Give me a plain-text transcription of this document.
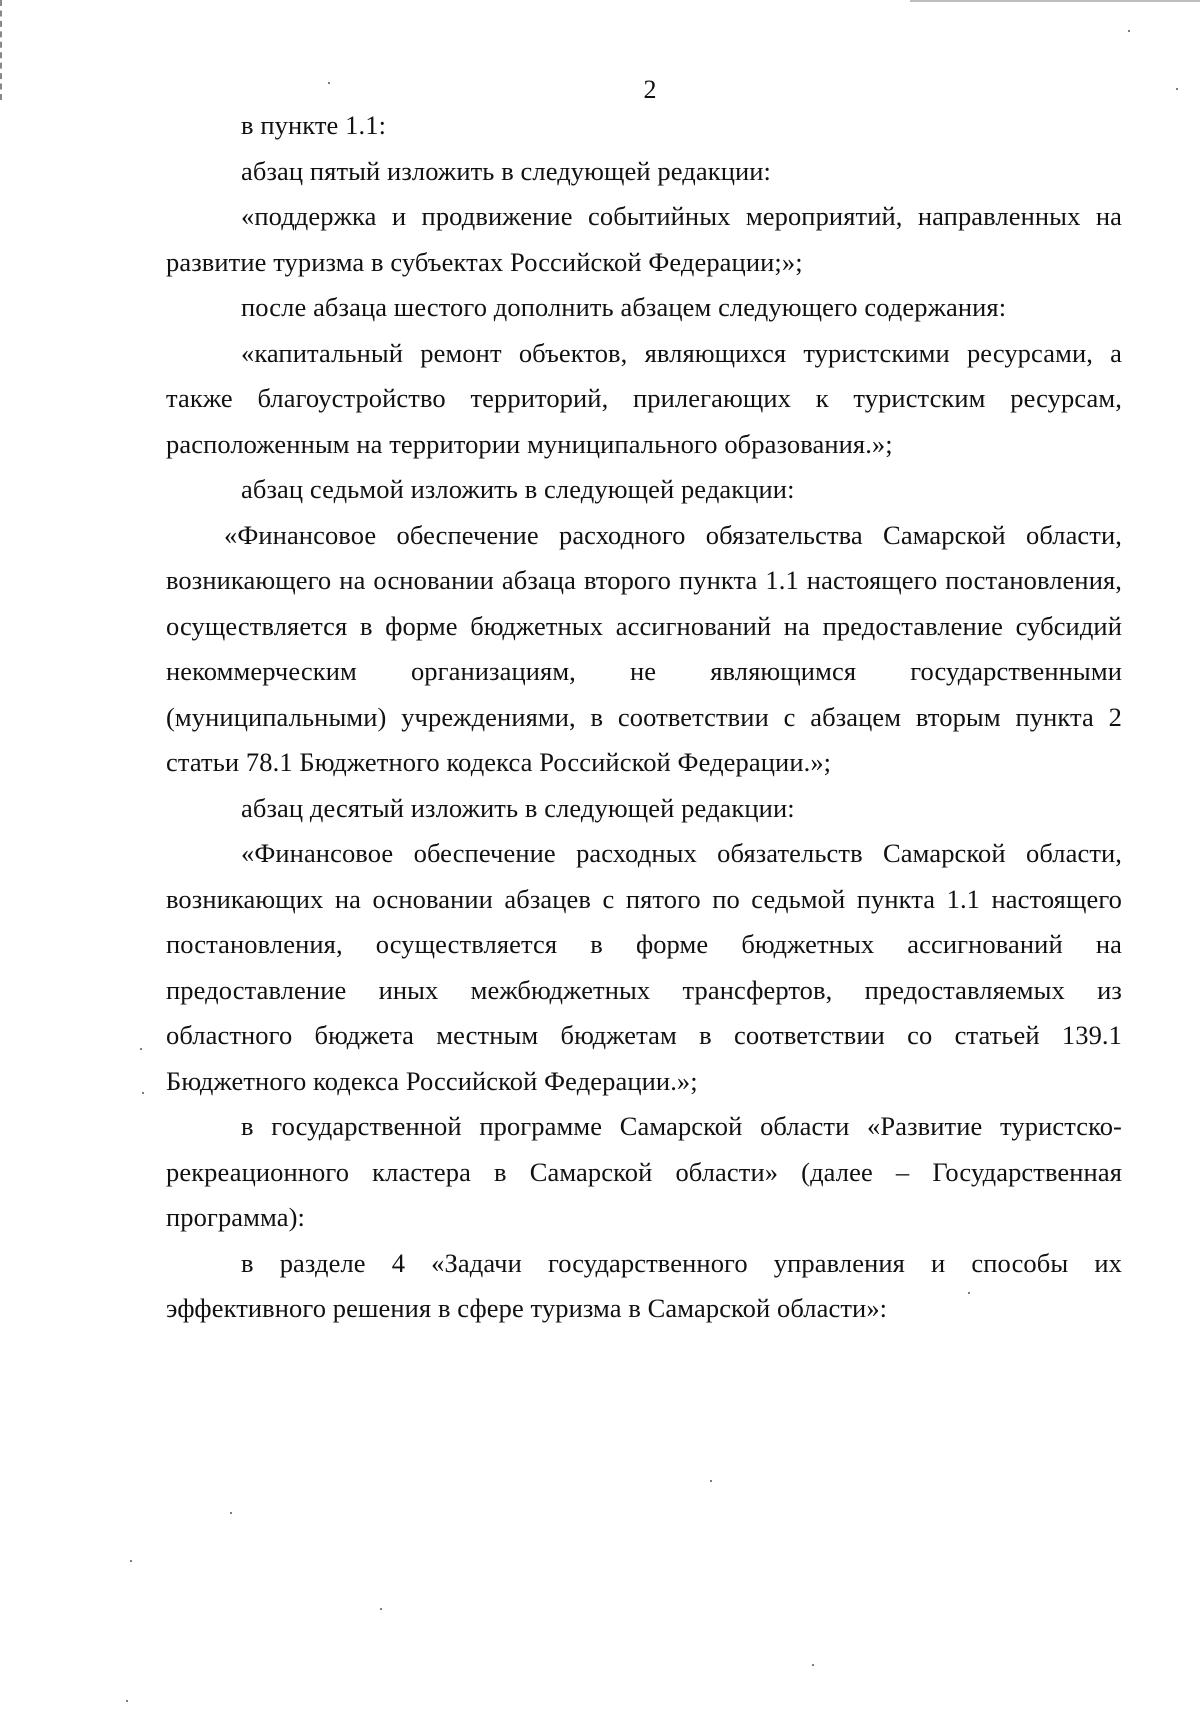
2

в пункте 1.1:

абзац пятый изложить в следующей редакции:

«поддержка и продвижение событийных мероприятий, направленных на развитие туризма в субъектах Российской Федерации;»;

после абзаца шестого дополнить абзацем следующего содержания:

«капитальный ремонт объектов, являющихся туристскими ресурсами, а также благоустройство территорий, прилегающих к туристским ресурсам, расположенным на территории муниципального образования.»;

абзац седьмой изложить в следующей редакции:

«Финансовое обеспечение расходного обязательства Самарской области, возникающего на основании абзаца второго пункта 1.1 настоящего постановления, осуществляется в форме бюджетных ассигнований на предоставление субсидий некоммерческим организациям, не являющимся государственными (муниципальными) учреждениями, в соответствии с абзацем вторым пункта 2 статьи 78.1 Бюджетного кодекса Российской Федерации.»;

абзац десятый изложить в следующей редакции:

«Финансовое обеспечение расходных обязательств Самарской области, возникающих на основании абзацев с пятого по седьмой пункта 1.1 настоящего постановления, осуществляется в форме бюджетных ассигнований на предоставление иных межбюджетных трансфертов, предоставляемых из областного бюджета местным бюджетам в соответствии со статьей 139.1 Бюджетного кодекса Российской Федерации.»;

в государственной программе Самарской области «Развитие туристско-рекреационного кластера в Самарской области» (далее – Государственная программа):

в разделе 4 «Задачи государственного управления и способы их эффективного решения в сфере туризма в Самарской области»:
